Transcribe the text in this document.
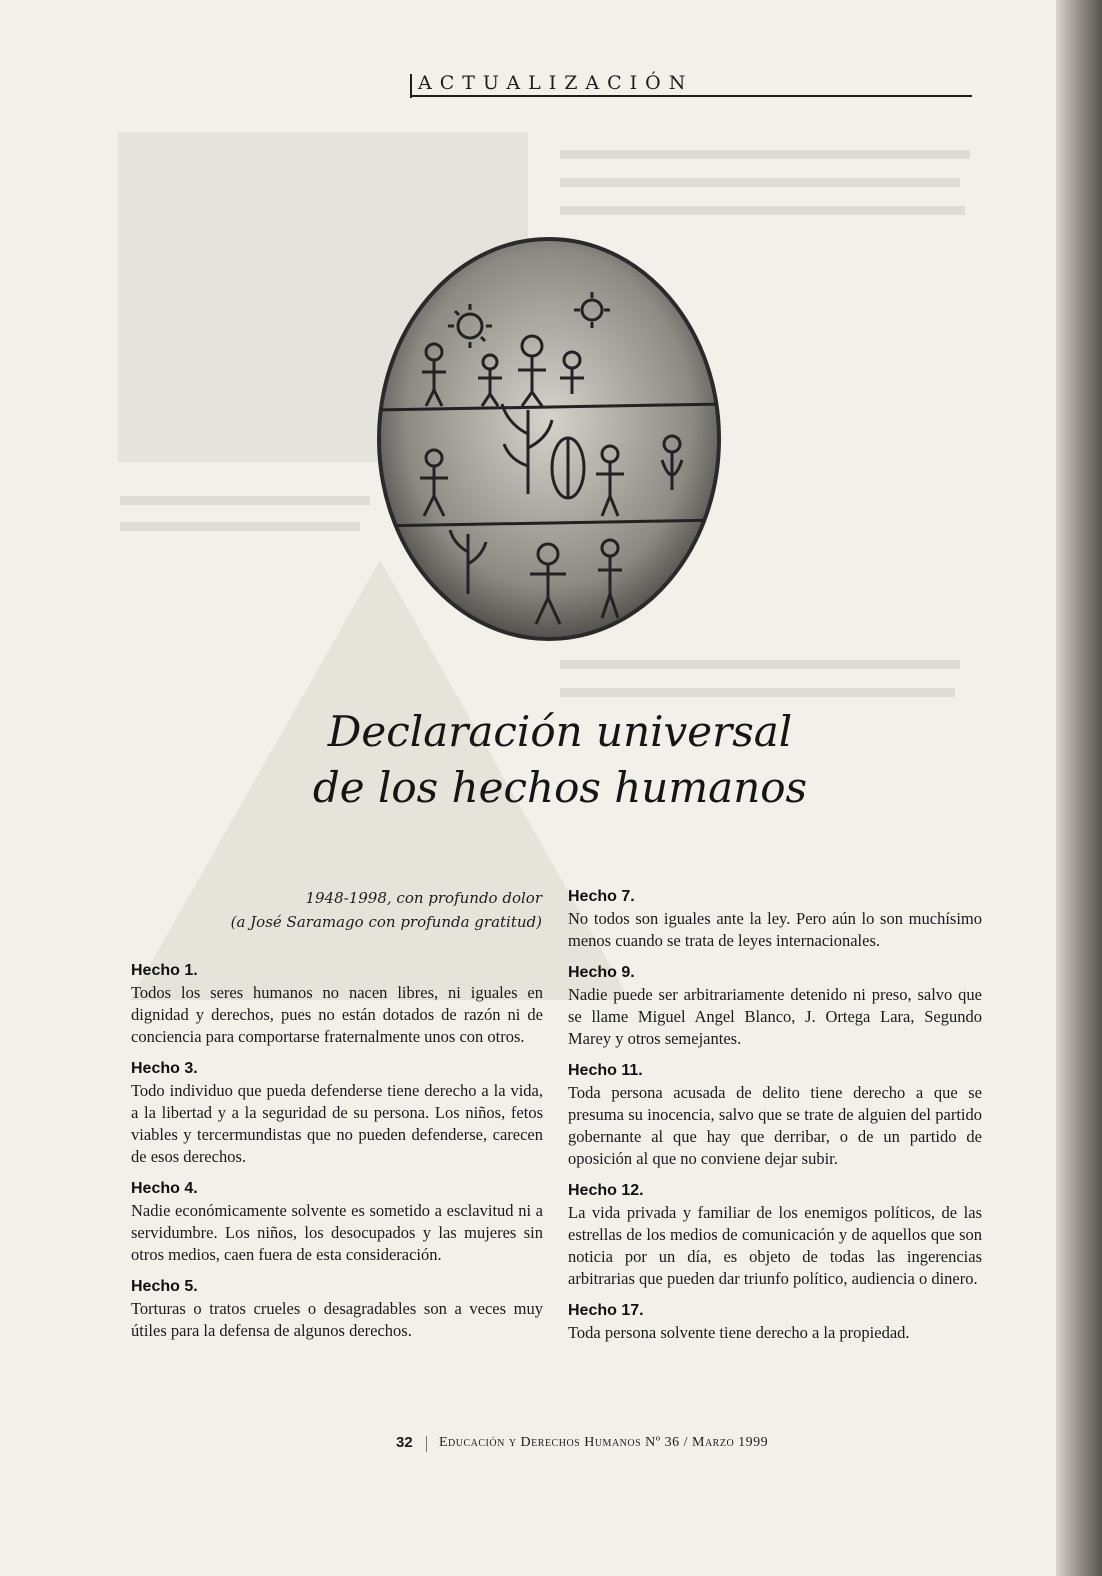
ACTUALIZACIÓN
Declaración universal
de los hechos humanos
1948-1998, con profundo dolor
(a José Saramago con profunda gratitud)
Hecho 1.
Todos los seres humanos no nacen libres, ni iguales en dignidad y derechos, pues no están dotados de razón ni de conciencia para comportarse fraternalmente unos con otros.
Hecho 3.
Todo individuo que pueda defenderse tiene derecho a la vida, a la libertad y a la seguridad de su persona. Los niños, fetos viables y tercermundistas que no pueden defenderse, carecen de esos derechos.
Hecho 4.
Nadie económicamente solvente es sometido a esclavitud ni a servidumbre. Los niños, los desocupados y las mujeres sin otros medios, caen fuera de esta consideración.
Hecho 5.
Torturas o tratos crueles o desagradables son a veces muy útiles para la defensa de algunos derechos.
Hecho 7.
No todos son iguales ante la ley. Pero aún lo son muchísimo menos cuando se trata de leyes internacionales.
Hecho 9.
Nadie puede ser arbitrariamente detenido ni preso, salvo que se llame Miguel Angel Blanco, J. Ortega Lara, Segundo Marey y otros semejantes.
Hecho 11.
Toda persona acusada de delito tiene derecho a que se presuma su inocencia, salvo que se trate de alguien del partido gobernante al que hay que derribar, o de un partido de oposición al que no conviene dejar subir.
Hecho 12.
La vida privada y familiar de los enemigos políticos, de las estrellas de los medios de comunicación y de aquellos que son noticia por un día, es objeto de todas las ingerencias arbitrarias que pueden dar triunfo político, audiencia o dinero.
Hecho 17.
Toda persona solvente tiene derecho a la propiedad.
32 Educación y Derechos Humanos Nº 36 / Marzo 1999
